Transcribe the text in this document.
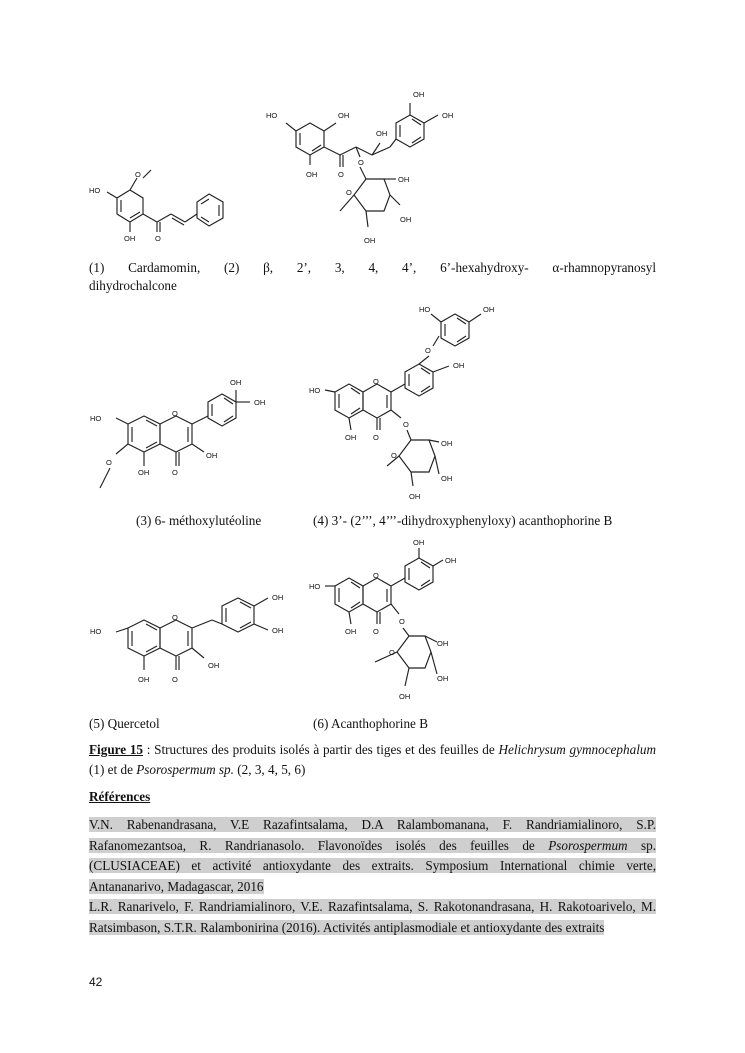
O
HO
OH	O
HO	OH
OH	O
O
OH
OH
OH
O
OH
OH
OH
(1) Cardamomin, (2) β, 2’, 3, 4, 4’, 6’-hexahydroxy- α-rhamnopyranosyl
dihydrochalcone
O
HO
O
OH	O
OH
OH
OH
O
HO
OH O
O
O
OH
HO	OH
O
OH
OH
OH
(3) 6- méthoxylutéoline	(4) 3’- (2’’’, 4’’’-dihydroxyphenyloxy) acanthophorine B
O
HO
OH	O
OH
OH
OH
O
HO
OH O
O
OH
OH
O
OH
OH
OH
(5) Quercetol	(6) Acanthophorine B
Figure 15 : Structures des produits isolés à partir des tiges et des feuilles de Helichrysum gymnocephalum (1) et de Psorospermum sp. (2, 3, 4, 5, 6)
Références
V.N. Rabenandrasana, V.E Razafintsalama, D.A Ralambomanana, F. Randriamialinoro, S.P. Rafanomezantsoa, R. Randrianasolo. Flavonoïdes isolés des feuilles de Psorospermum sp. (CLUSIACEAE) et activité antioxydante des extraits. Symposium International chimie verte, Antananarivo, Madagascar, 2016
L.R. Ranarivelo, F. Randriamialinoro, V.E. Razafintsalama, S. Rakotonandrasana, H. Rakotoarivelo, M. Ratsimbason, S.T.R. Ralambonirina (2016). Activités antiplasmodiale et antioxydante des extraits
42
